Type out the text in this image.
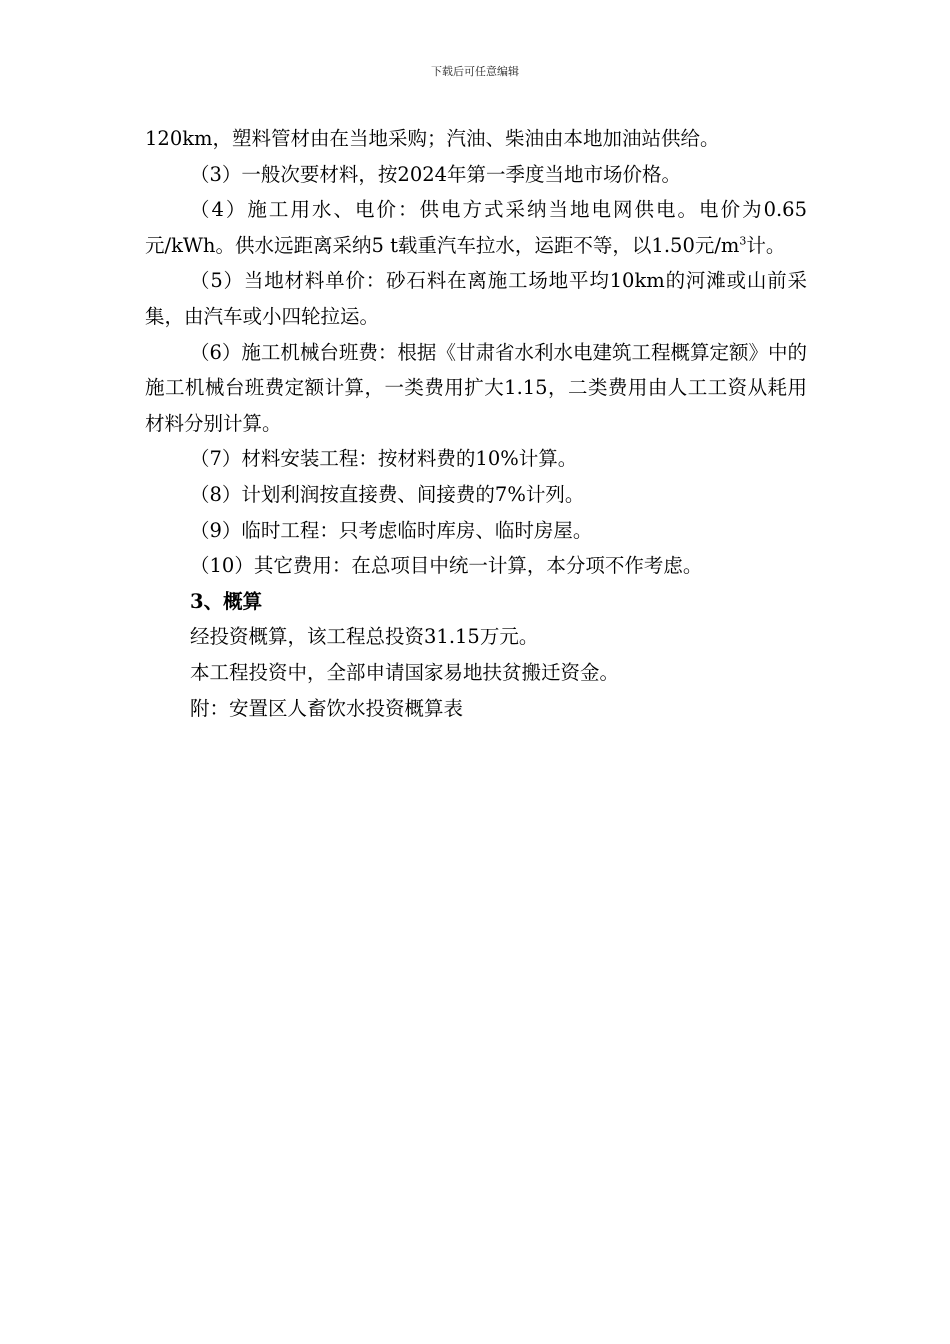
下载后可任意编辑

120km，塑料管材由在当地采购；汽油、柴油由本地加油站供给。

（3）一般次要材料，按2024年第一季度当地市场价格。

（4）施工用水、电价：供电方式采纳当地电网供电。电价为0.65元/kWh。供水远距离采纳5 t载重汽车拉水，运距不等，以1.50元$/m^3$计。

（5）当地材料单价：砂石料在离施工场地平均10km的河滩或山前采集，由汽车或小四轮拉运。

（6）施工机械台班费：根据《甘肃省水利水电建筑工程概算定额》中的施工机械台班费定额计算，一类费用扩大1.15，二类费用由人工工资从耗用材料分别计算。

（7）材料安装工程：按材料费的10%计算。

（8）计划利润按直接费、间接费的7%计列。

（9）临时工程：只考虑临时库房、临时房屋。

（10）其它费用：在总项目中统一计算，本分项不作考虑。

3、概算

经投资概算，该工程总投资31.15万元。

本工程投资中，全部申请国家易地扶贫搬迁资金。

附：安置区人畜饮水投资概算表
